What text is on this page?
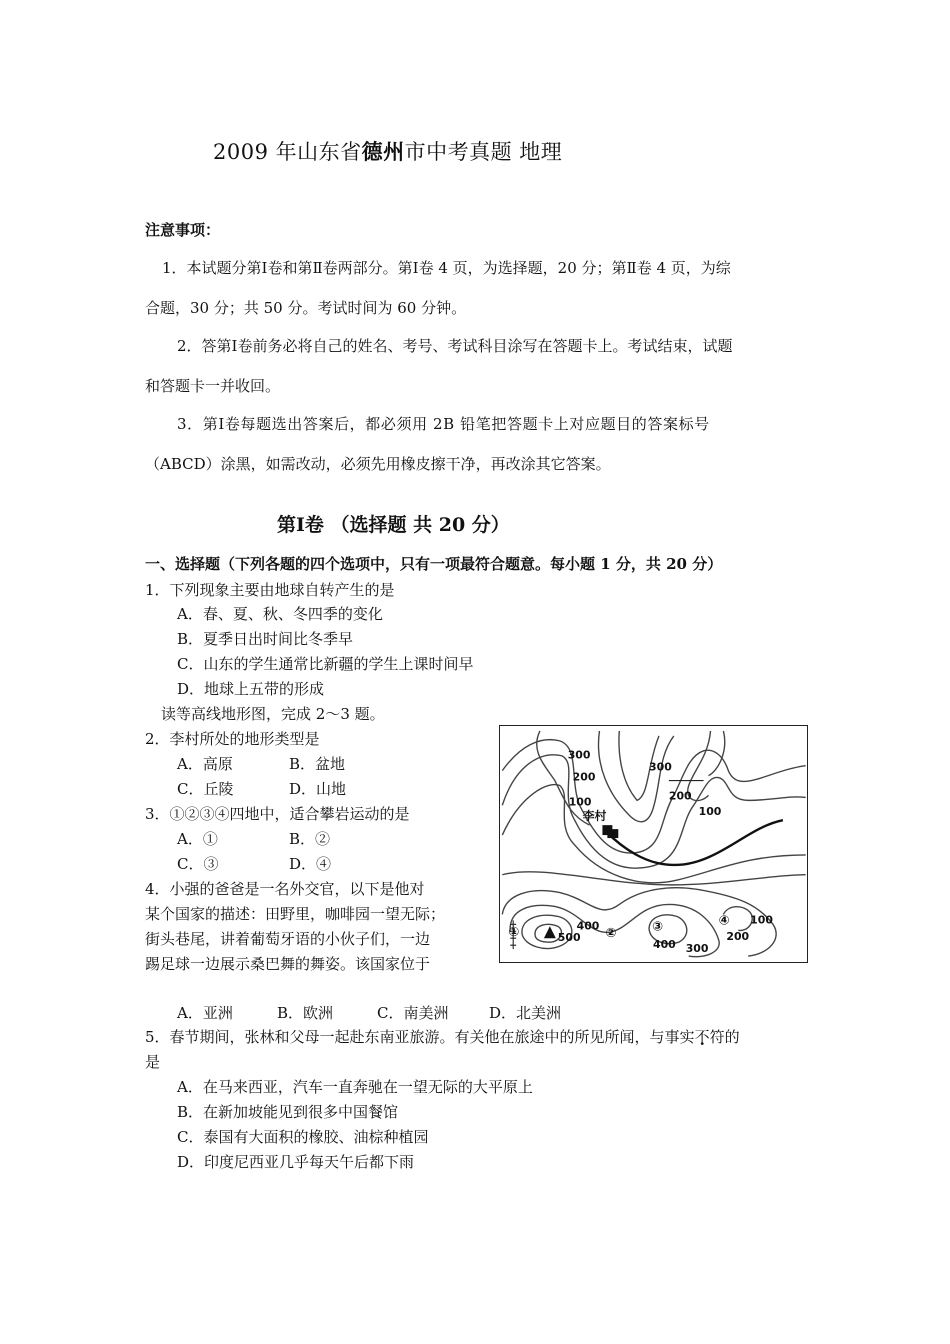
2009 年山东省德州市中考真题 地理
注意事项：
1．本试题分第Ⅰ卷和第Ⅱ卷两部分。第Ⅰ卷 4 页，为选择题，20 分；第Ⅱ卷 4 页，为综
合题，30 分；共 50 分。考试时间为 60 分钟。
2．答第Ⅰ卷前务必将自己的姓名、考号、考试科目涂写在答题卡上。考试结束，试题
和答题卡一并收回。
3．第Ⅰ卷每题选出答案后，都必须用 2B 铅笔把答题卡上对应题目的答案标号
（ABCD）涂黑，如需改动，必须先用橡皮擦干净，再改涂其它答案。
第Ⅰ卷 （选择题 共 20 分）
一、选择题（下列各题的四个选项中，只有一项最符合题意。每小题 1 分，共 20 分）
1．下列现象主要由地球自转产生的是
A．春、夏、秋、冬四季的变化
B．夏季日出时间比冬季早
C．山东的学生通常比新疆的学生上课时间早
D．地球上五带的形成
读等高线地形图，完成 2～3 题。
2．李村所处的地形类型是
A．高原	B．盆地
C．丘陵	D．山地
3．①②③④四地中，适合攀岩运动的是
A．①	B．②
C．③	D．④
4．小强的爸爸是一名外交官，以下是他对
某个国家的描述：田野里，咖啡园一望无际；
街头巷尾，讲着葡萄牙语的小伙子们，一边
踢足球一边展示桑巴舞的舞姿。该国家位于
A．亚洲	B．欧洲	C．南美洲	D．北美洲
5．春节期间，张林和父母一起赴东南亚旅游。有关他在旅途中的所见所闻，与事实不符的
是
A．在马来西亚，汽车一直奔驰在一望无际的大平原上
B．在新加坡能见到很多中国餐馆
C．泰国有大面积的橡胶、油棕种植园
D．印度尼西亚几乎每天午后都下雨
300
200
100
300
200
100
李村
①	500
400
②	③
400 300
④ 100
200
